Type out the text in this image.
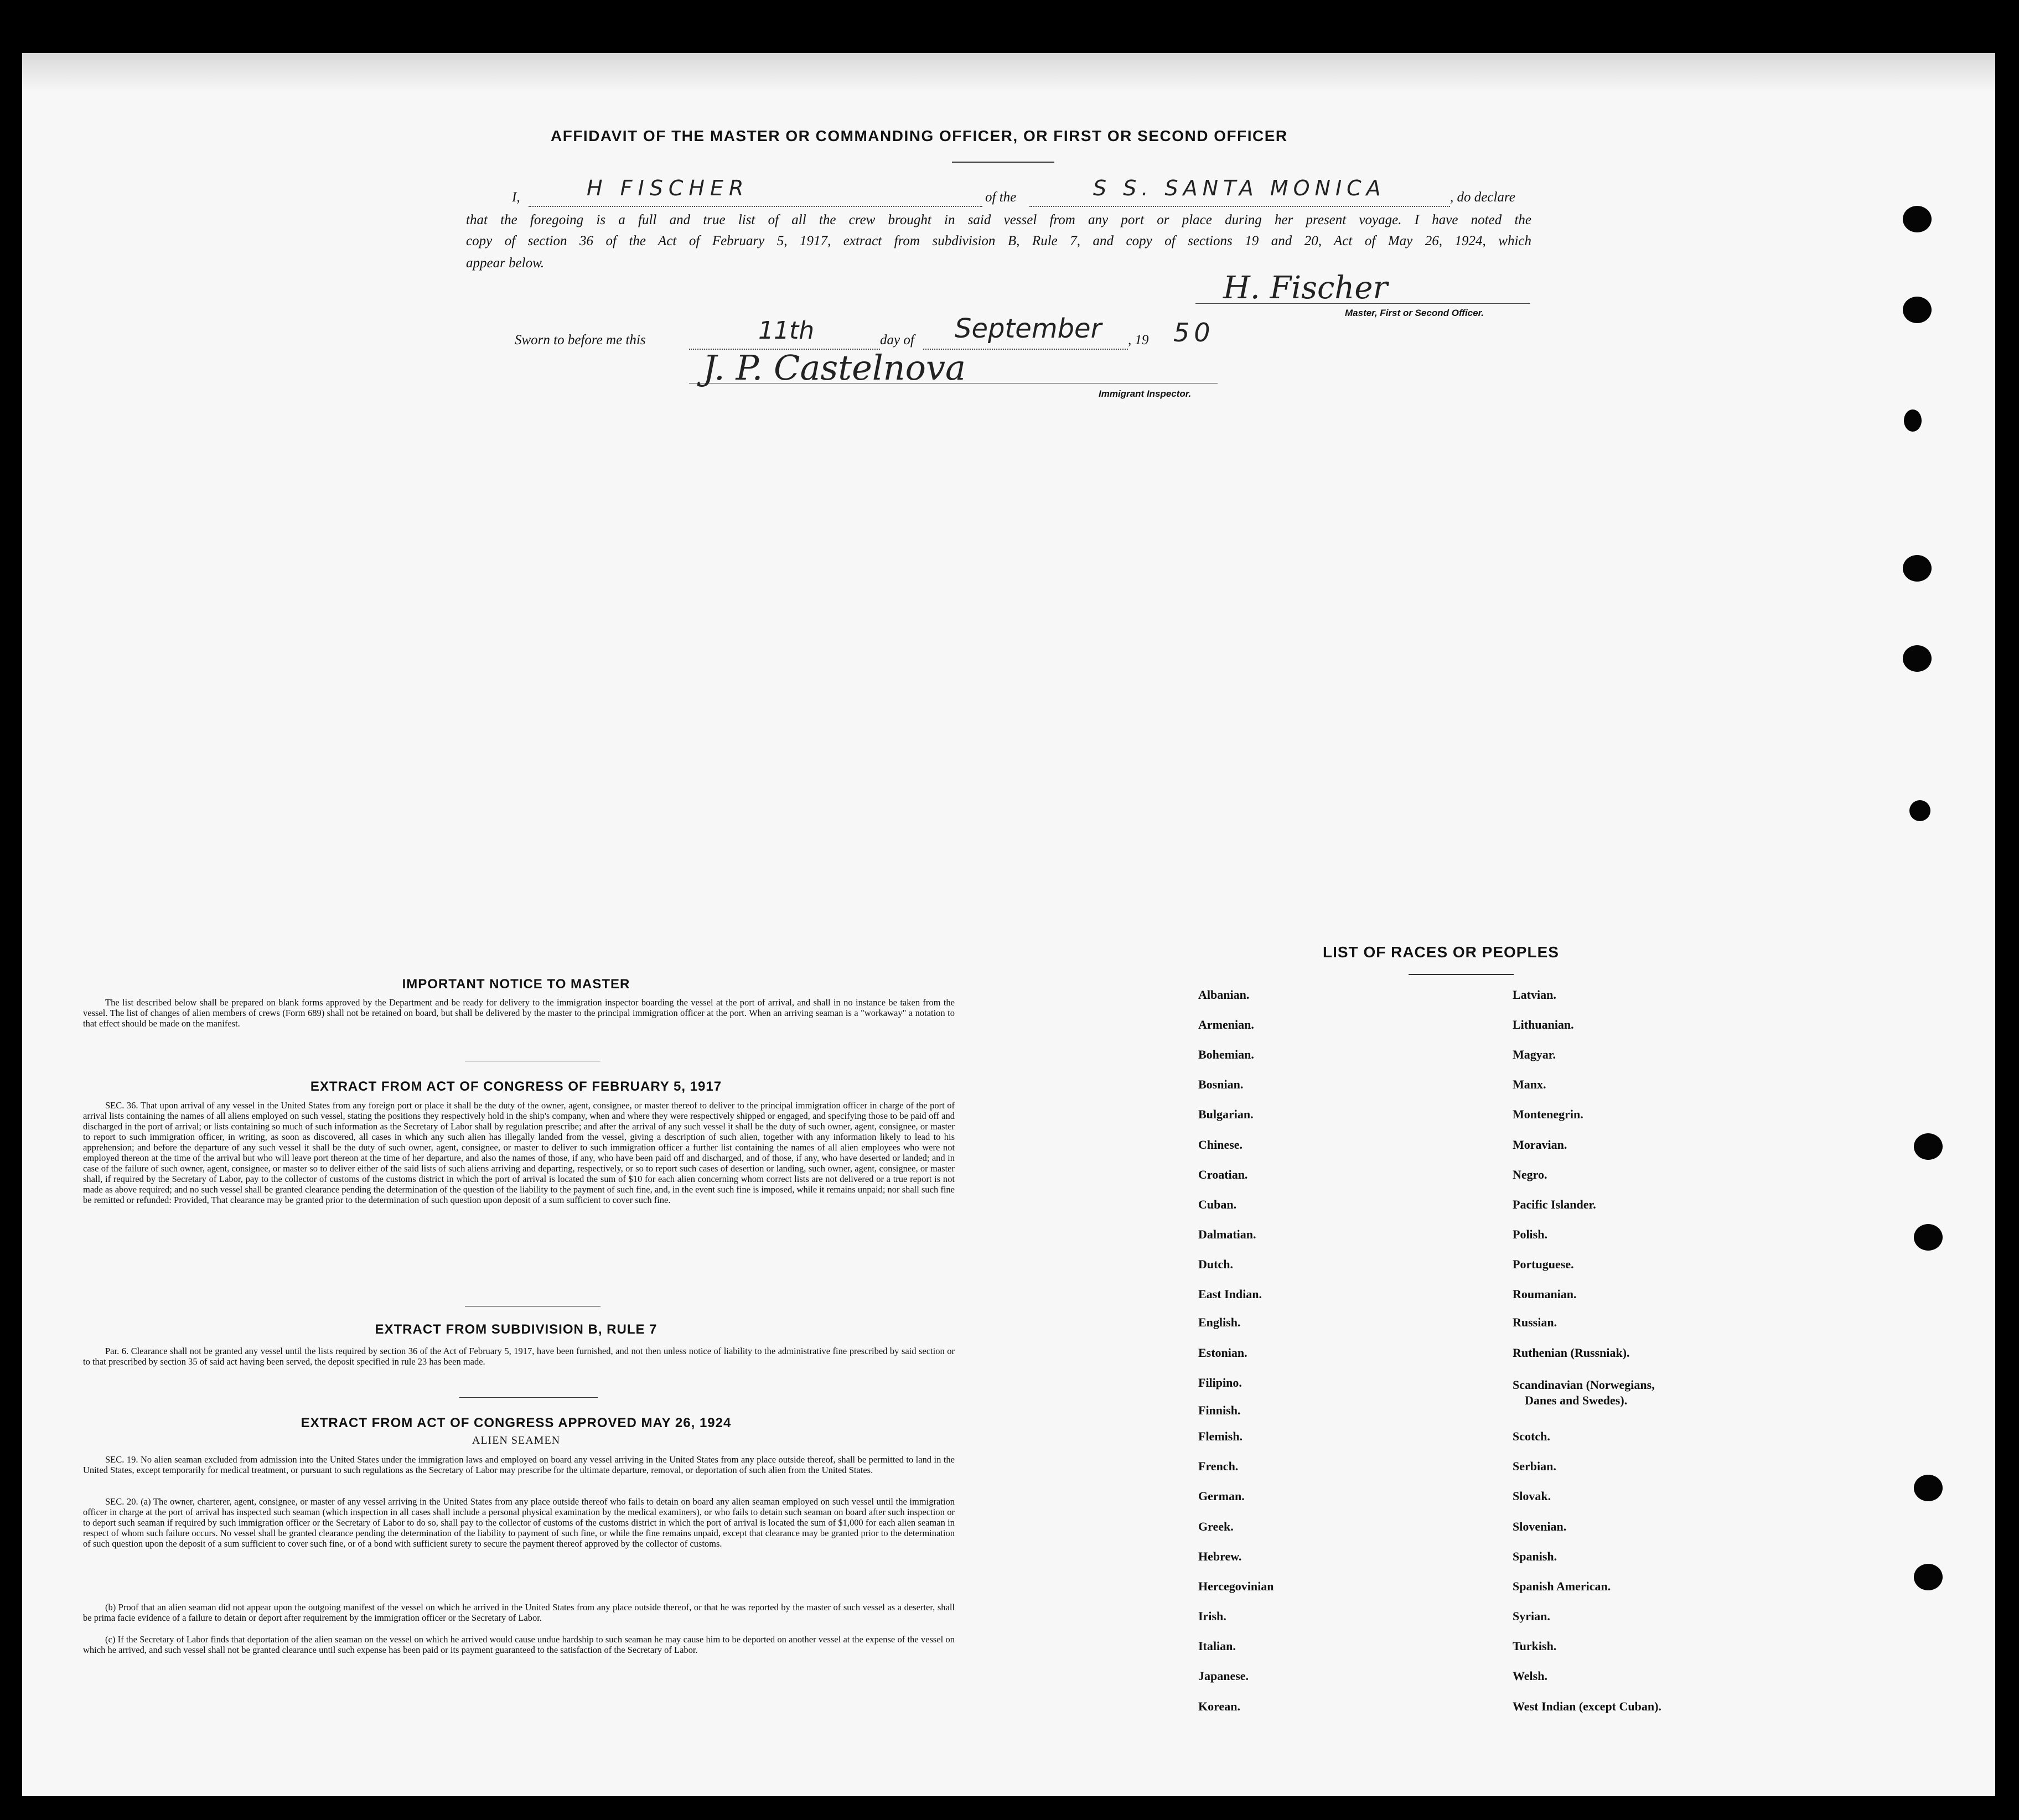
AFFIDAVIT OF THE MASTER OR COMMANDING OFFICER, OR FIRST OR SECOND OFFICER
I,	H FISCHER	of the	S S. SANTA MONICA	, do declare
that the foregoing is a full and true list of all the crew brought in said vessel from any port or place during her present voyage. I have noted the
copy of section 36 of the Act of February 5, 1917, extract from subdivision B, Rule 7, and copy of sections 19 and 20, Act of May 26, 1924, which
appear below.
H. Fischer
Master, First or Second Officer.
Sworn to before me this	11th	day of September , 19 50
J. P. Castelnova
Immigrant Inspector.
IMPORTANT NOTICE TO MASTER
The list described below shall be prepared on blank forms approved by the Department and be ready for delivery to the immigration inspector boarding the vessel at the port of arrival, and shall in no instance be taken from the vessel. The list of changes of alien members of crews (Form 689) shall not be retained on board, but shall be delivered by the master to the principal immigration officer at the port. When an arriving seaman is a "workaway" a notation to that effect should be made on the manifest.
EXTRACT FROM ACT OF CONGRESS OF FEBRUARY 5, 1917
SEC. 36. That upon arrival of any vessel in the United States from any foreign port or place it shall be the duty of the owner, agent, consignee, or master thereof to deliver to the principal immigration officer in charge of the port of arrival lists containing the names of all aliens employed on such vessel, stating the positions they respectively hold in the ship's company, when and where they were respectively shipped or engaged, and specifying those to be paid off and discharged in the port of arrival; or lists containing so much of such information as the Secretary of Labor shall by regulation prescribe; and after the arrival of any such vessel it shall be the duty of such owner, agent, consignee, or master to report to such immigration officer, in writing, as soon as discovered, all cases in which any such alien has illegally landed from the vessel, giving a description of such alien, together with any information likely to lead to his apprehension; and before the departure of any such vessel it shall be the duty of such owner, agent, consignee, or master to deliver to such immigration officer a further list containing the names of all alien employees who were not employed thereon at the time of the arrival but who will leave port thereon at the time of her departure, and also the names of those, if any, who have been paid off and discharged, and of those, if any, who have deserted or landed; and in case of the failure of such owner, agent, consignee, or master so to deliver either of the said lists of such aliens arriving and departing, respectively, or so to report such cases of desertion or landing, such owner, agent, consignee, or master shall, if required by the Secretary of Labor, pay to the collector of customs of the customs district in which the port of arrival is located the sum of $10 for each alien concerning whom correct lists are not delivered or a true report is not made as above required; and no such vessel shall be granted clearance pending the determination of the question of the liability to the payment of such fine, and, in the event such fine is imposed, while it remains unpaid; nor shall such fine be remitted or refunded: Provided, That clearance may be granted prior to the determination of such question upon deposit of a sum sufficient to cover such fine.
EXTRACT FROM SUBDIVISION B, RULE 7
Par. 6. Clearance shall not be granted any vessel until the lists required by section 36 of the Act of February 5, 1917, have been furnished, and not then unless notice of liability to the administrative fine prescribed by said section or to that prescribed by section 35 of said act having been served, the deposit specified in rule 23 has been made.
EXTRACT FROM ACT OF CONGRESS APPROVED MAY 26, 1924
ALIEN SEAMEN
SEC. 19. No alien seaman excluded from admission into the United States under the immigration laws and employed on board any vessel arriving in the United States from any place outside thereof, shall be permitted to land in the United States, except temporarily for medical treatment, or pursuant to such regulations as the Secretary of Labor may prescribe for the ultimate departure, removal, or deportation of such alien from the United States.
SEC. 20. (a) The owner, charterer, agent, consignee, or master of any vessel arriving in the United States from any place outside thereof who fails to detain on board any alien seaman employed on such vessel until the immigration officer in charge at the port of arrival has inspected such seaman (which inspection in all cases shall include a personal physical examination by the medical examiners), or who fails to detain such seaman on board after such inspection or to deport such seaman if required by such immigration officer or the Secretary of Labor to do so, shall pay to the collector of customs of the customs district in which the port of arrival is located the sum of $1,000 for each alien seaman in respect of whom such failure occurs. No vessel shall be granted clearance pending the determination of the liability to payment of such fine, or while the fine remains unpaid, except that clearance may be granted prior to the determination of such question upon the deposit of a sum sufficient to cover such fine, or of a bond with sufficient surety to secure the payment thereof approved by the collector of customs.
(b) Proof that an alien seaman did not appear upon the outgoing manifest of the vessel on which he arrived in the United States from any place outside thereof, or that he was reported by the master of such vessel as a deserter, shall be prima facie evidence of a failure to detain or deport after requirement by the immigration officer or the Secretary of Labor.
(c) If the Secretary of Labor finds that deportation of the alien seaman on the vessel on which he arrived would cause undue hardship to such seaman he may cause him to be deported on another vessel at the expense of the vessel on which he arrived, and such vessel shall not be granted clearance until such expense has been paid or its payment guaranteed to the satisfaction of the Secretary of Labor.
LIST OF RACES OR PEOPLES
Albanian.
Armenian.
Bohemian.
Bosnian.
Bulgarian.
Chinese.
Croatian.
Cuban.
Dalmatian.
Dutch.
East Indian.
English.
Estonian.
Filipino.
Finnish.
Flemish.
French.
German.
Greek.
Hebrew.
Hercegovinian
Irish.
Italian.
Japanese.
Korean.
Latvian.
Lithuanian.
Magyar.
Manx.
Montenegrin.
Moravian.
Negro.
Pacific Islander.
Polish.
Portuguese.
Roumanian.
Russian.
Ruthenian (Russniak).
Scandinavian (Norwegians,
Danes and Swedes).
Scotch.
Serbian.
Slovak.
Slovenian.
Spanish.
Spanish American.
Syrian.
Turkish.
Welsh.
West Indian (except Cuban).
